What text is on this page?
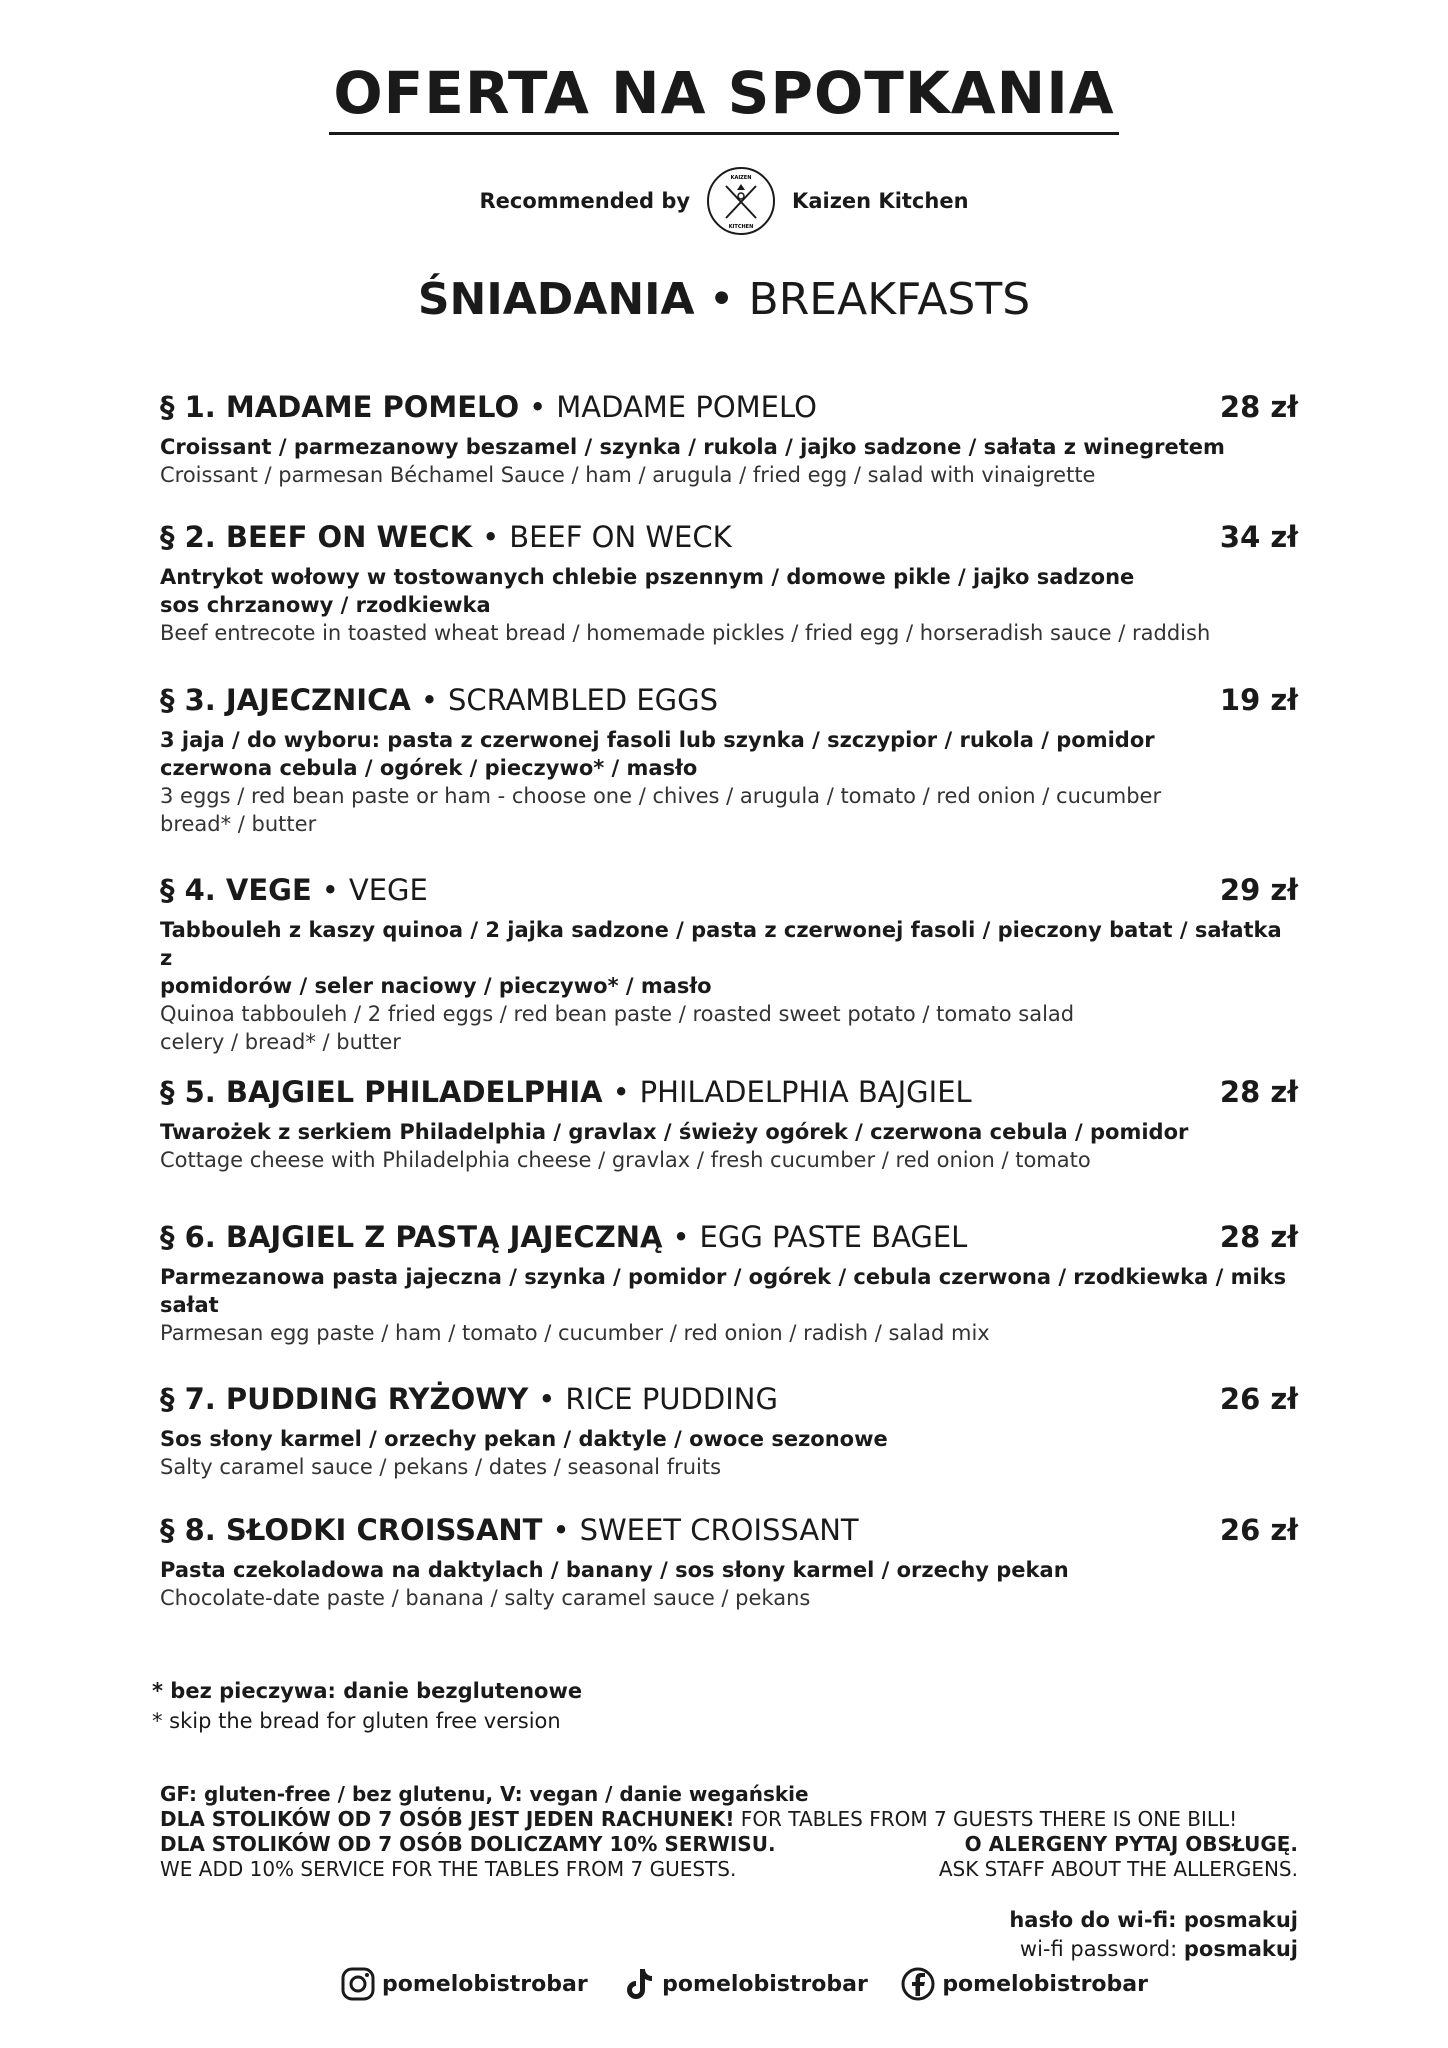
OFERTA NA SPOTKANIA
Recommended by
KAIZEN
KITCHEN
Kaizen Kitchen
ŚNIADANIA • BREAKFASTS
§ 1. MADAME POMELO • MADAME POMELO	28 zł
Croissant / parmezanowy beszamel / szynka / rukola / jajko sadzone / sałata z winegretem
Croissant / parmesan Béchamel Sauce / ham / arugula / fried egg / salad with vinaigrette
§ 2. BEEF ON WECK • BEEF ON WECK	34 zł
Antrykot wołowy w tostowanych chlebie pszennym / domowe pikle / jajko sadzone
sos chrzanowy / rzodkiewka
Beef entrecote in toasted wheat bread / homemade pickles / fried egg / horseradish sauce / raddish
§ 3. JAJECZNICA • SCRAMBLED EGGS	19 zł
3 jaja / do wyboru: pasta z czerwonej fasoli lub szynka / szczypior / rukola / pomidor
czerwona cebula / ogórek / pieczywo* / masło
3 eggs / red bean paste or ham - choose one / chives / arugula / tomato / red onion / cucumber
bread* / butter
§ 4. VEGE • VEGE	29 zł
Tabbouleh z kaszy quinoa / 2 jajka sadzone / pasta z czerwonej fasoli / pieczony batat / sałatka z
pomidorów / seler naciowy / pieczywo* / masło
Quinoa tabbouleh / 2 fried eggs / red bean paste / roasted sweet potato / tomato salad
celery / bread* / butter
§ 5. BAJGIEL PHILADELPHIA • PHILADELPHIA BAJGIEL	28 zł
Twarożek z serkiem Philadelphia / gravlax / świeży ogórek / czerwona cebula / pomidor
Cottage cheese with Philadelphia cheese / gravlax / fresh cucumber / red onion / tomato
§ 6. BAJGIEL Z PASTĄ JAJECZNĄ • EGG PASTE BAGEL	28 zł
Parmezanowa pasta jajeczna / szynka / pomidor / ogórek / cebula czerwona / rzodkiewka / miks sałat
Parmesan egg paste / ham / tomato / cucumber / red onion / radish / salad mix
§ 7. PUDDING RYŻOWY • RICE PUDDING	26 zł
Sos słony karmel / orzechy pekan / daktyle / owoce sezonowe
Salty caramel sauce / pekans / dates / seasonal fruits
§ 8. SŁODKI CROISSANT • SWEET CROISSANT	26 zł
Pasta czekoladowa na daktylach / banany / sos słony karmel / orzechy pekan
Chocolate-date paste / banana / salty caramel sauce / pekans
* bez pieczywa: danie bezglutenowe
* skip the bread for gluten free version
GF: gluten-free / bez glutenu, V: vegan / danie wegańskie
DLA STOLIKÓW OD 7 OSÓB JEST JEDEN RACHUNEK! FOR TABLES FROM 7 GUESTS THERE IS ONE BILL!
DLA STOLIKÓW OD 7 OSÓB DOLICZAMY 10% SERWISU.	O ALERGENY PYTAJ OBSŁUGĘ.
WE ADD 10% SERVICE FOR THE TABLES FROM 7 GUESTS.	ASK STAFF ABOUT THE ALLERGENS.
hasło do wi-fi: posmakuj
wi-fi password: posmakuj
pomelobistrobar	pomelobistrobar	pomelobistrobar
